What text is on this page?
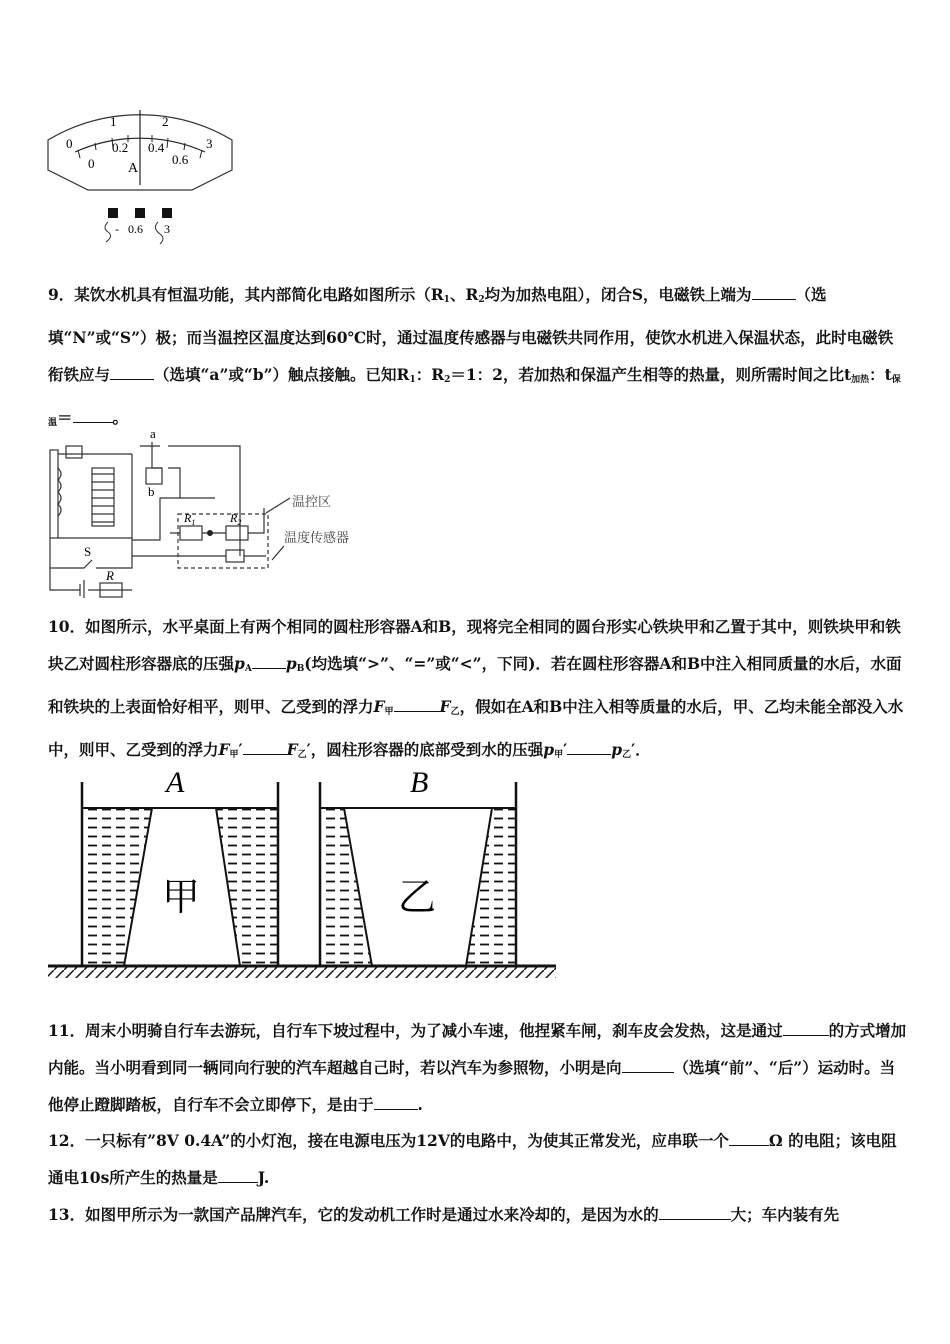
0
1	2
3
0
0.2 0.4
0.6
A
- 0.6 3
9．某饮水机具有恒温功能，其内部简化电路如图所示（$R_1$、$R_2$均为加热电阻），闭合S，电磁铁上端为	（选填“N”或“S”）极；而当温控区温度达到60℃时，通过温度传感器与电磁铁共同作用，使饮水机进入保温状态，此时电磁铁衔铁应与	（选填“a”或“b”）触点接触。已知$R_1$：$R_2=1$：2，若加热和保温产生相等的热量，则所需时间之比$t_{加热}$：$t_{保温}=$	。
a
b
S
R
$R_1$	$R_2$
温控区
温度传感器
10．如图所示，水平桌面上有两个相同的圆柱形容器A和B，现将完全相同的圆台形实心铁块甲和乙置于其中，则铁块甲和铁块乙对圆柱形容器底的压强$p_A$ $p_B$(均选填“>”、“=”或“<”，下同)．若在圆柱形容器A和B中注入相同质量的水后，水面和铁块的上表面恰好相平，则甲、乙受到的浮力$F_甲$	$F_乙$，假如在A和B中注入相等质量的水后，甲、乙均未能全部没入水中，则甲、乙受到的浮力$F_甲'$	$F_乙'$，圆柱形容器的底部受到水的压强$p_甲'$	$p_乙'$．
A	B
甲	乙
11．周末小明骑自行车去游玩，自行车下坡过程中，为了减小车速，他捏紧车闸，刹车皮会发热，这是通过	的方式增加内能。当小明看到同一辆同向行驶的汽车超越自己时，若以汽车为参照物，小明是向	（选填“前”、“后”）运动时。当他停止蹬脚踏板，自行车不会立即停下，是由于	.
12．一只标有”8V 0.4A”的小灯泡，接在电源电压为12V的电路中，为使其正常发光，应串联一个	Ω 的电阻；该电阻通电10s所产生的热量是	J.
13．如图甲所示为一款国产品牌汽车，它的发动机工作时是通过水来冷却的，是因为水的	大；车内装有先
